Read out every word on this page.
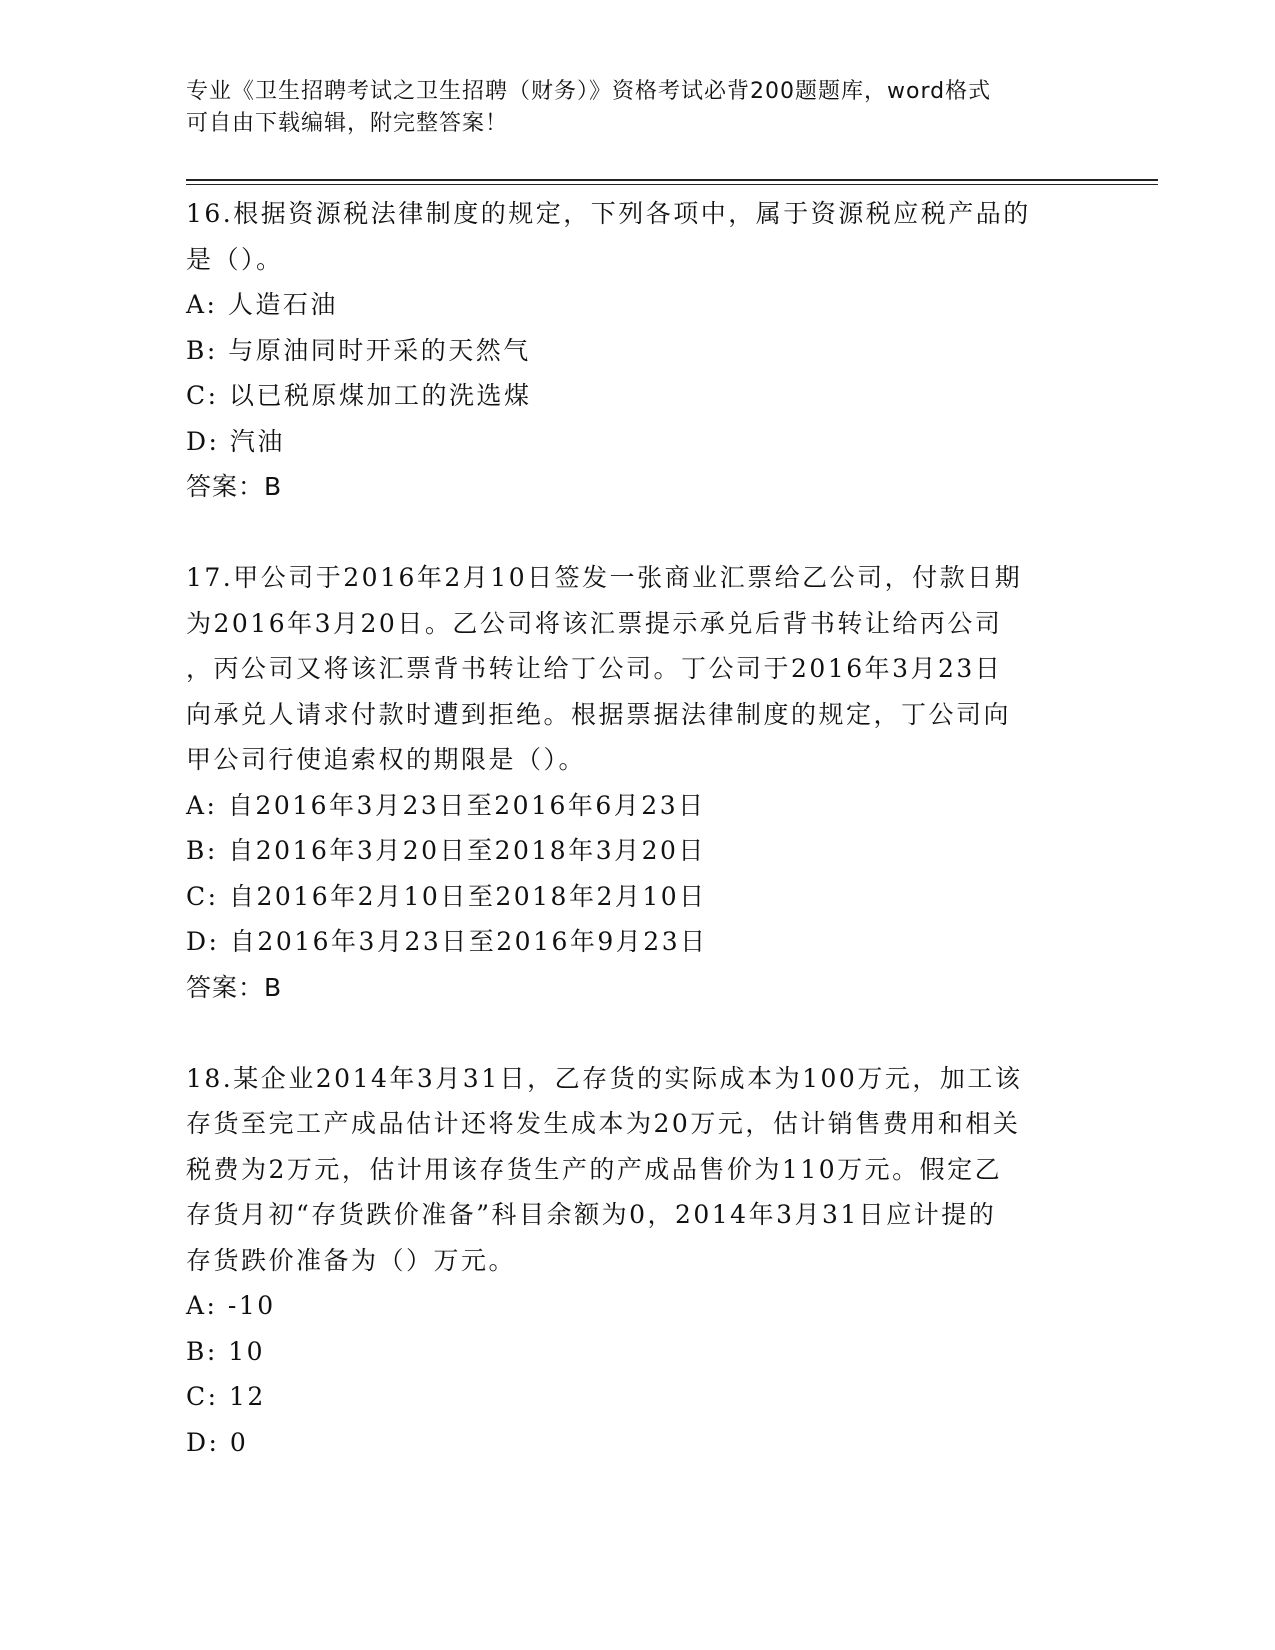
专业《卫生招聘考试之卫生招聘（财务）》资格考试必背200题题库，word格式
可自由下载编辑，附完整答案！
16.根据资源税法律制度的规定，下列各项中，属于资源税应税产品的
是（）。
A: 人造石油
B: 与原油同时开采的天然气
C: 以已税原煤加工的洗选煤
D: 汽油
答案：B
17.甲公司于2016年2月10日签发一张商业汇票给乙公司，付款日期
为2016年3月20日。乙公司将该汇票提示承兑后背书转让给丙公司
，丙公司又将该汇票背书转让给丁公司。丁公司于2016年3月23日
向承兑人请求付款时遭到拒绝。根据票据法律制度的规定，丁公司向
甲公司行使追索权的期限是（）。
A: 自2016年3月23日至2016年6月23日
B: 自2016年3月20日至2018年3月20日
C: 自2016年2月10日至2018年2月10日
D: 自2016年3月23日至2016年9月23日
答案：B
18.某企业2014年3月31日，乙存货的实际成本为100万元，加工该
存货至完工产成品估计还将发生成本为20万元，估计销售费用和相关
税费为2万元，估计用该存货生产的产成品售价为110万元。假定乙
存货月初“存货跌价准备”科目余额为0，2014年3月31日应计提的
存货跌价准备为（）万元。
A: -10
B: 10
C: 12
D: 0
